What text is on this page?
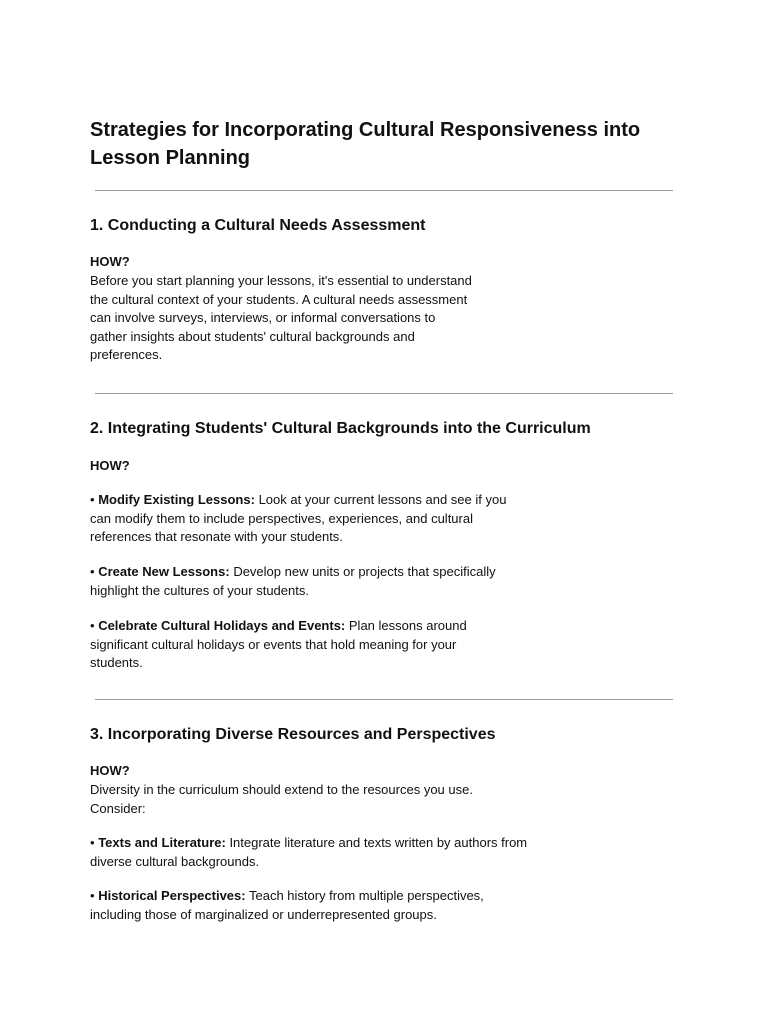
Strategies for Incorporating Cultural Responsiveness into Lesson Planning
1. Conducting a Cultural Needs Assessment
HOW?

Before you start planning your lessons, it's essential to understand the cultural context of your students. A cultural needs assessment can involve surveys, interviews, or informal conversations to gather insights about students' cultural backgrounds and preferences.

2. Integrating Students' Cultural Backgrounds into the Curriculum
HOW?

• Modify Existing Lessons: Look at your current lessons and see if you can modify them to include perspectives, experiences, and cultural references that resonate with your students.

• Create New Lessons: Develop new units or projects that specifically highlight the cultures of your students.

• Celebrate Cultural Holidays and Events: Plan lessons around significant cultural holidays or events that hold meaning for your students.

3. Incorporating Diverse Resources and Perspectives
HOW?

Diversity in the curriculum should extend to the resources you use. Consider:

• Texts and Literature: Integrate literature and texts written by authors from diverse cultural backgrounds.

• Historical Perspectives: Teach history from multiple perspectives, including those of marginalized or underrepresented groups.
